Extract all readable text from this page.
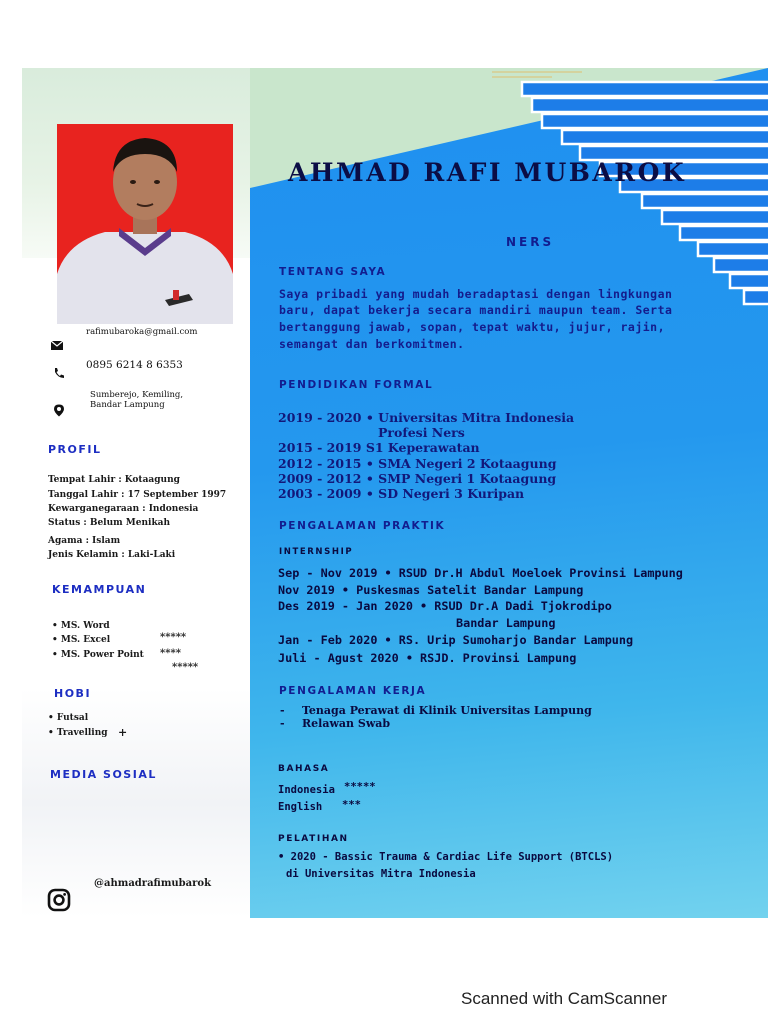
rafimubaroka@gmail.com
0895 6214 8 6353
Sumberejo, Kemiling,
Bandar Lampung
PROFIL
Tempat Lahir : Kotaagung
Tanggal Lahir : 17 September 1997
Kewarganegaraan : Indonesia
Status : Belum Menikah
Agama : Islam
Jenis Kelamin : Laki-Laki
KEMAMPUAN
• MS. Word
• MS. Excel
• MS. Power Point
*****
****
*****
HOBI
• Futsal
• Travelling +
MEDIA SOSIAL
@ahmadrafimubarok
AHMAD RAFI MUBAROK
NERS
TENTANG SAYA
Saya pribadi yang mudah beradaptasi dengan lingkungan
baru, dapat bekerja secara mandiri maupun team. Serta
bertanggung jawab, sopan, tepat waktu, jujur, rajin,
semangat dan berkomitmen.
PENDIDIKAN FORMAL
2019 - 2020 • Universitas Mitra Indonesia
Profesi Ners
2015 - 2019 S1 Keperawatan
2012 - 2015 • SMA Negeri 2 Kotaagung
2009 - 2012 • SMP Negeri 1 Kotaagung
2003 - 2009 • SD Negeri 3 Kuripan
PENGALAMAN PRAKTIK
INTERNSHIP
Sep - Nov 2019 • RSUD Dr.H Abdul Moeloek Provinsi Lampung
Nov 2019 • Puskesmas Satelit Bandar Lampung
Des 2019 - Jan 2020 • RSUD Dr.A Dadi Tjokrodipo
Bandar Lampung
Jan - Feb 2020 • RS. Urip Sumoharjo Bandar Lampung
Juli - Agust 2020 • RSJD. Provinsi Lampung
PENGALAMAN KERJA
- Tenaga Perawat di Klinik Universitas Lampung
- Relawan Swab
BAHASA
Indonesia *****
English ***
PELATIHAN
• 2020 - Bassic Trauma & Cardiac Life Support (BTCLS)
di Universitas Mitra Indonesia
Scanned with CamScanner
